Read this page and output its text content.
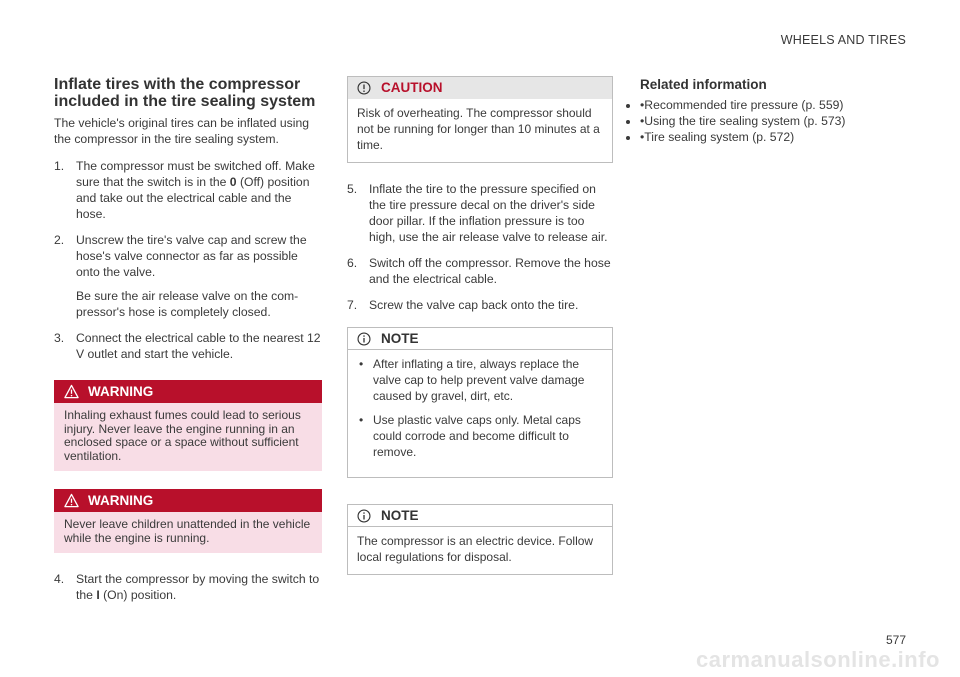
WHEELS AND TIRES
Inflate tires with the compressor
included in the tire sealing system

The vehicle's original tires can be inflated using the compressor in the tire sealing system.

1. The compressor must be switched off. Make sure that the switch is in the 0 (Off) position and take out the electrical cable and the hose.
2. Unscrew the tire's valve cap and screw the hose's valve connector as far as possible onto the valve.
Be sure the air release valve on the com-pressor's hose is completely closed.
3. Connect the electrical cable to the nearest 12 V outlet and start the vehicle.
WARNING
Inhaling exhaust fumes could lead to serious injury. Never leave the engine running in an enclosed space or a space without sufficient ventilation.
WARNING
Never leave children unattended in the vehicle while the engine is running.
4. Start the compressor by moving the switch to the I (On) position.
CAUTION
Risk of overheating. The compressor should not be running for longer than 10 minutes at a time.
5. Inflate the tire to the pressure specified on the tire pressure decal on the driver's side door pillar. If the inflation pressure is too high, use the air release valve to release air.
6. Switch off the compressor. Remove the hose and the electrical cable.
7. Screw the valve cap back onto the tire.
NOTE
• After inflating a tire, always replace the valve cap to help prevent valve damage caused by gravel, dirt, etc.
• Use plastic valve caps only. Metal caps could corrode and become difficult to remove.
NOTE
The compressor is an electric device. Follow local regulations for disposal.
Related information
• •Recommended tire pressure (p. 559)
• •Using the tire sealing system (p. 573)
• •Tire sealing system (p. 572)
577
carmanualsonline.info
